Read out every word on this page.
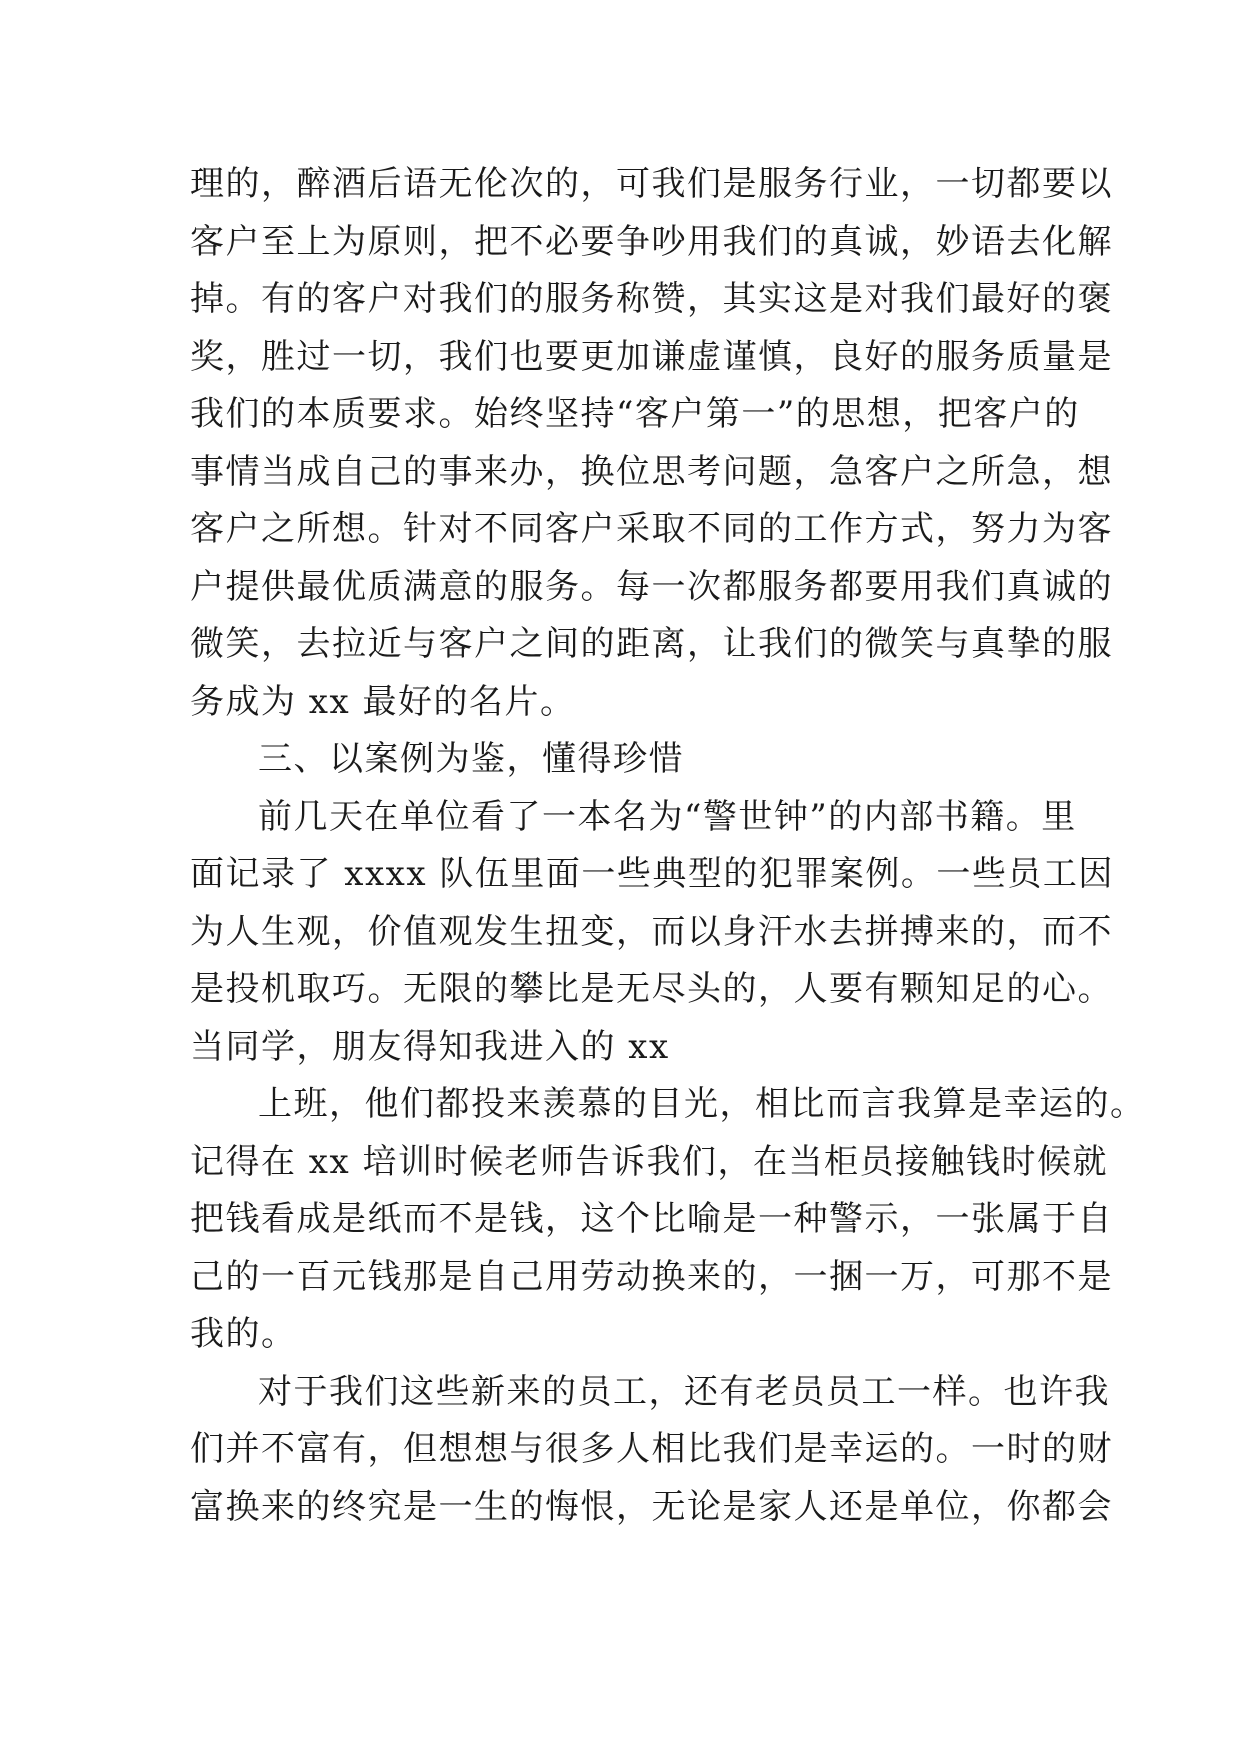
理的，醉酒后语无伦次的，可我们是服务行业，一切都要以
客户至上为原则，把不必要争吵用我们的真诚，妙语去化解
掉。有的客户对我们的服务称赞，其实这是对我们最好的褒
奖，胜过一切，我们也要更加谦虚谨慎，良好的服务质量是
我们的本质要求。始终坚持“客户第一”的思想，把客户的
事情当成自己的事来办，换位思考问题，急客户之所急，想
客户之所想。针对不同客户采取不同的工作方式，努力为客
户提供最优质满意的服务。每一次都服务都要用我们真诚的
微笑，去拉近与客户之间的距离，让我们的微笑与真挚的服
务成为 xx 最好的名片。
三、以案例为鉴，懂得珍惜
前几天在单位看了一本名为“警世钟”的内部书籍。里
面记录了 xxxx 队伍里面一些典型的犯罪案例。一些员工因
为人生观，价值观发生扭变，而以身汗水去拼搏来的，而不
是投机取巧。无限的攀比是无尽头的，人要有颗知足的心。
当同学，朋友得知我进入的 xx
上班，他们都投来羡慕的目光，相比而言我算是幸运的。
记得在 xx 培训时候老师告诉我们，在当柜员接触钱时候就
把钱看成是纸而不是钱，这个比喻是一种警示，一张属于自
己的一百元钱那是自己用劳动换来的，一捆一万，可那不是
我的。
对于我们这些新来的员工，还有老员员工一样。也许我
们并不富有，但想想与很多人相比我们是幸运的。一时的财
富换来的终究是一生的悔恨，无论是家人还是单位，你都会
